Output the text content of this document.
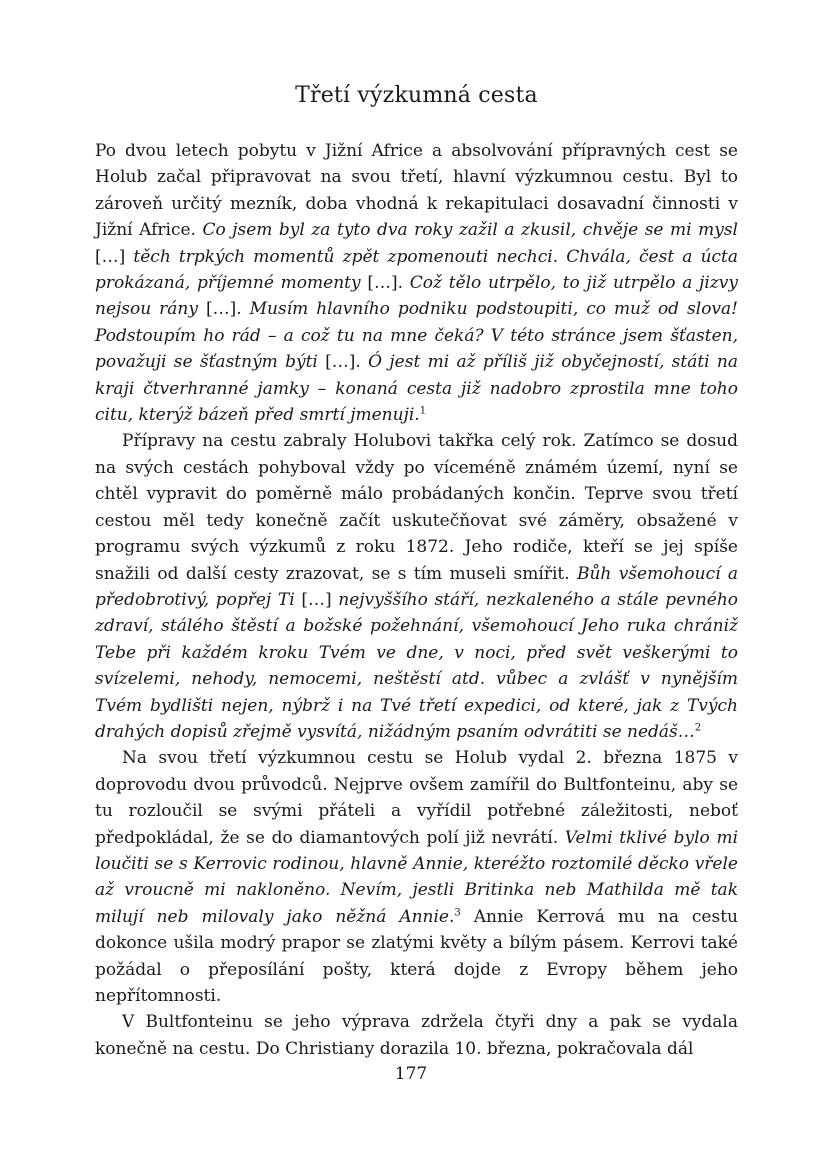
Třetí výzkumná cesta

Po dvou letech pobytu v Jižní Africe a absolvování přípravných cest se Holub začal připravovat na svou třetí, hlavní výzkumnou cestu. Byl to zároveň určitý mezník, doba vhodná k rekapitulaci dosavadní činnosti v Jižní Africe. Co jsem byl za tyto dva roky zažil a zkusil, chvěje se mi mysl […] těch trpkých momentů zpět zpomenouti nechci. Chvála, čest a úcta prokázaná, příjemné momenty […]. Což tělo utrpělo, to již utrpělo a jizvy nejsou rány […]. Musím hlavního podniku podstoupiti, co muž od slova! Podstoupím ho rád – a což tu na mne čeká? V této stránce jsem šťasten, považuji se šťastným býti […]. Ó jest mi až příliš již obyčejností, státi na kraji čtverhranné jamky – konaná cesta již nadobro zprostila mne toho citu, kterýž bázeň před smrtí jmenuji.$^1$

Přípravy na cestu zabraly Holubovi takřka celý rok. Zatímco se dosud na svých cestách pohyboval vždy po víceméně známém území, nyní se chtěl vypravit do poměrně málo probádaných končin. Teprve svou třetí cestou měl tedy konečně začít uskutečňovat své záměry, obsažené v programu svých výzkumů z roku 1872. Jeho rodiče, kteří se jej spíše snažili od další cesty zrazovat, se s tím museli smířit. Bůh všemohoucí a předobrotivý, popřej Ti […] nejvyššího stáří, nezkaleného a stále pevného zdraví, stálého štěstí a božské požehnání, všemohoucí Jeho ruka chrániž Tebe při každém kroku Tvém ve dne, v noci, před svět veškerými to svízelemi, nehody, nemocemi, neštěstí atd. vůbec a zvlášť v nynějším Tvém bydlišti nejen, nýbrž i na Tvé třetí expedici, od které, jak z Tvých drahých dopisů zřejmě vysvítá, nižádným psaním odvrátiti se nedáš…$^2$

Na svou třetí výzkumnou cestu se Holub vydal 2. března 1875 v doprovodu dvou průvodců. Nejprve ovšem zamířil do Bultfonteinu, aby se tu rozloučil se svými přáteli a vyřídil potřebné záležitosti, neboť předpokládal, že se do diamantových polí již nevrátí. Velmi tklivé bylo mi loučiti se s Kerrovic rodinou, hlavně Annie, kteréžto roztomilé děcko vřele až vroucně mi nakloněno. Nevím, jestli Britinka neb Mathilda mě tak milují neb milovaly jako něžná Annie.$^3$ Annie Kerrová mu na cestu dokonce ušila modrý prapor se zlatými květy a bílým pásem. Kerrovi také požádal o přeposílání pošty, která dojde z Evropy během jeho nepřítomnosti.

V Bultfonteinu se jeho výprava zdržela čtyři dny a pak se vydala konečně na cestu. Do Christiany dorazila 10. března, pokračovala dál

177
